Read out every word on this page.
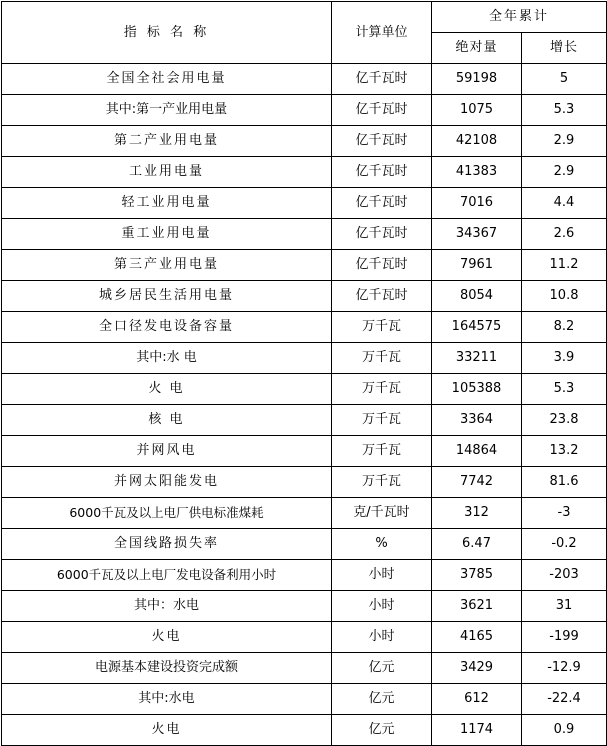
指 标 名 称	计算单位	全年累计	
		绝对量	增长
全国全社会用电量	亿千瓦时	59198	5
其中:第一产业用电量	亿千瓦时	1075	5.3
第二产业用电量	亿千瓦时	42108	2.9
工业用电量	亿千瓦时	41383	2.9
轻工业用电量	亿千瓦时	7016	4.4
重工业用电量	亿千瓦时	34367	2.6
第三产业用电量	亿千瓦时	7961	11.2
城乡居民生活用电量	亿千瓦时	8054	10.8
全口径发电设备容量	万千瓦	164575	8.2
其中:水 电	万千瓦	33211	3.9
火 电	万千瓦	105388	5.3
核 电	万千瓦	3364	23.8
并网风电	万千瓦	14864	13.2
并网太阳能发电	万千瓦	7742	81.6
6000千瓦及以上电厂供电标准煤耗	克/千瓦时	312	-3
全国线路损失率	%	6.47	-0.2
6000千瓦及以上电厂发电设备利用小时	小时	3785	-203
其中：水电	小时	3621	31
火电	小时	4165	-199
电源基本建设投资完成额	亿元	3429	-12.9
其中:水电	亿元	612	-22.4
火电	亿元	1174	0.9
